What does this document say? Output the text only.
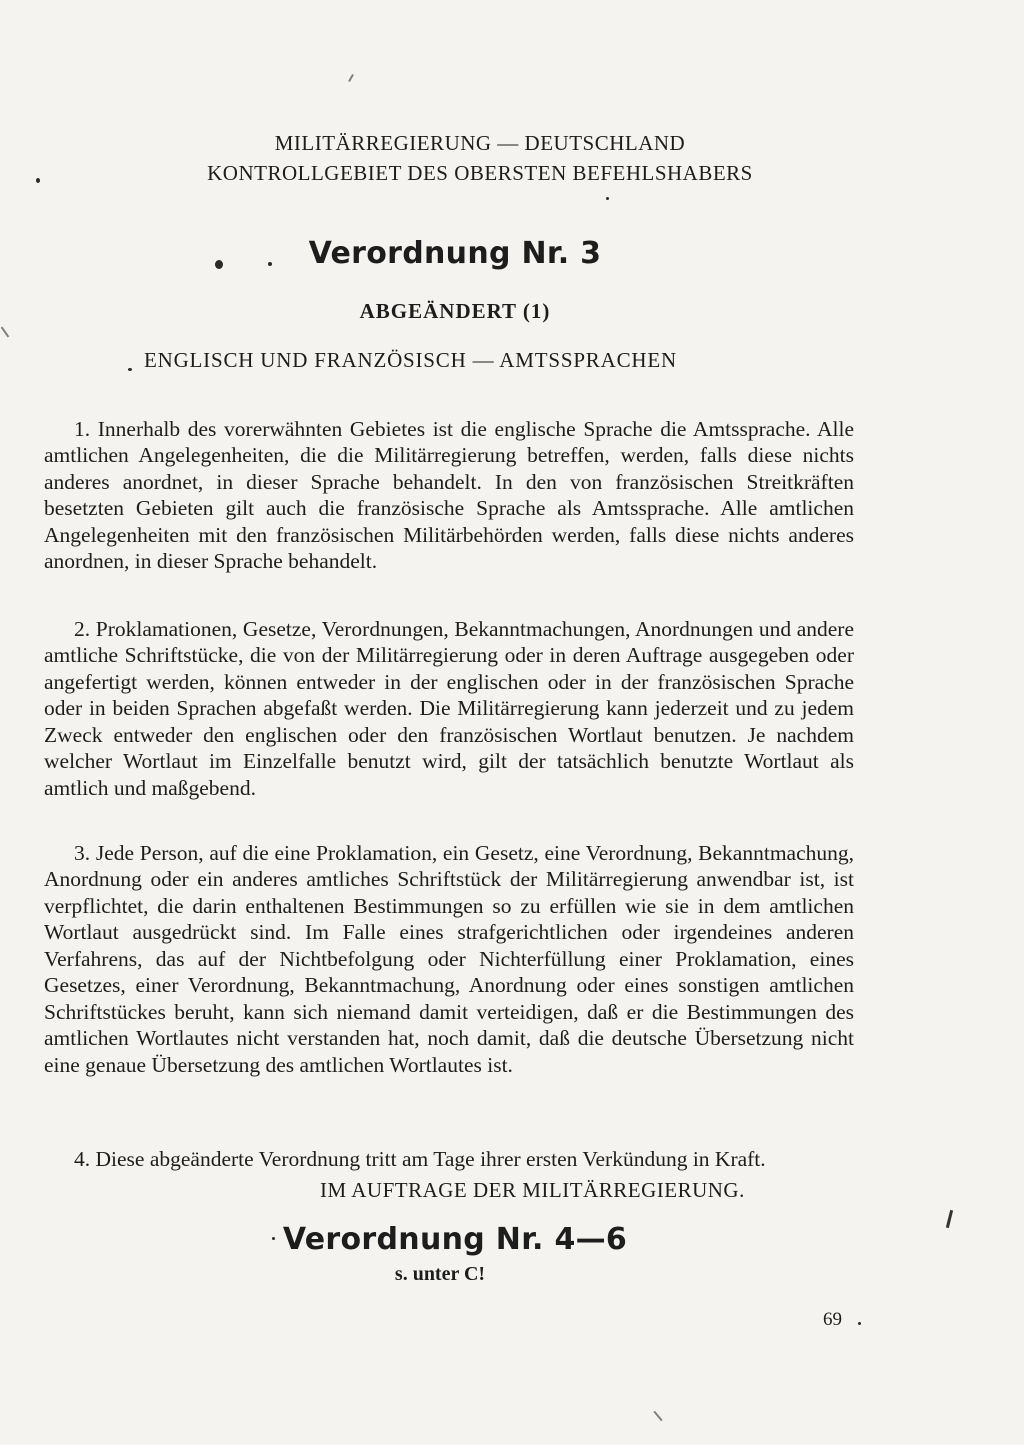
MILITÄRREGIERUNG — DEUTSCHLAND
KONTROLLGEBIET DES OBERSTEN BEFEHLSHABERS
Verordnung Nr. 3
ABGEÄNDERT (1)
ENGLISCH UND FRANZÖSISCH — AMTSSPRACHEN

1. Innerhalb des vorerwähnten Gebietes ist die englische Sprache die Amtssprache. Alle amtlichen Angelegenheiten, die die Militärregierung betreffen, werden, falls diese nichts anderes anordnet, in dieser Sprache behandelt. In den von französischen Streitkräften besetzten Gebieten gilt auch die französische Sprache als Amtssprache. Alle amtlichen Angelegenheiten mit den französischen Militärbehörden werden, falls diese nichts anderes anordnen, in dieser Sprache behandelt.

2. Proklamationen, Gesetze, Verordnungen, Bekanntmachungen, Anordnungen und andere amtliche Schriftstücke, die von der Militärregierung oder in deren Auftrage ausgegeben oder angefertigt werden, können entweder in der englischen oder in der französischen Sprache oder in beiden Sprachen abgefaßt werden. Die Militärregierung kann jederzeit und zu jedem Zweck entweder den englischen oder den französischen Wortlaut benutzen. Je nachdem welcher Wortlaut im Einzelfalle benutzt wird, gilt der tatsächlich benutzte Wortlaut als amtlich und maßgebend.

3. Jede Person, auf die eine Proklamation, ein Gesetz, eine Verordnung, Bekanntmachung, Anordnung oder ein anderes amtliches Schriftstück der Militärregierung anwendbar ist, ist verpflichtet, die darin enthaltenen Bestimmungen so zu erfüllen wie sie in dem amtlichen Wortlaut ausgedrückt sind. Im Falle eines strafgerichtlichen oder irgendeines anderen Verfahrens, das auf der Nichtbefolgung oder Nichterfüllung einer Proklamation, eines Gesetzes, einer Verordnung, Bekanntmachung, Anordnung oder eines sonstigen amtlichen Schriftstückes beruht, kann sich niemand damit verteidigen, daß er die Bestimmungen des amtlichen Wortlautes nicht verstanden hat, noch damit, daß die deutsche Übersetzung nicht eine genaue Übersetzung des amtlichen Wortlautes ist.

4. Diese abgeänderte Verordnung tritt am Tage ihrer ersten Verkündung in Kraft.

IM AUFTRAGE DER MILITÄRREGIERUNG.
Verordnung Nr. 4—6
s. unter C!
69
